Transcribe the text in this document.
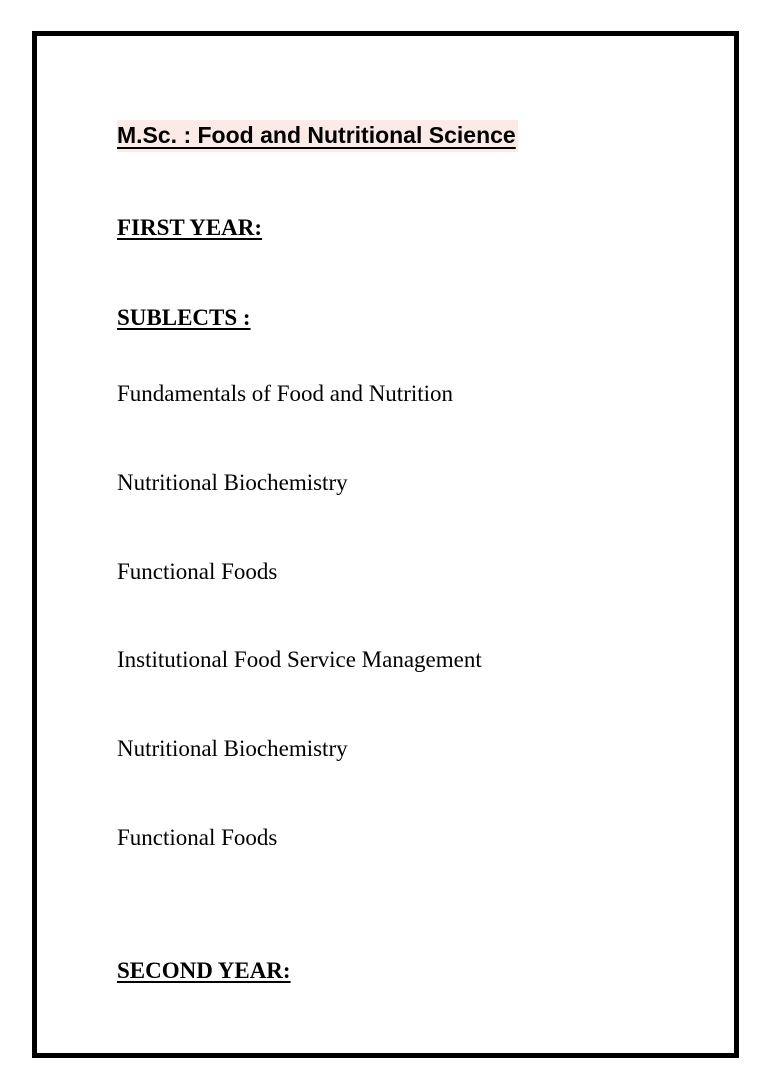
M.Sc. : Food and Nutritional Science
FIRST YEAR:
SUBLECTS :

Fundamentals of Food and Nutrition

Nutritional Biochemistry

Functional Foods

Institutional Food Service Management

Nutritional Biochemistry

Functional Foods

SECOND YEAR:
